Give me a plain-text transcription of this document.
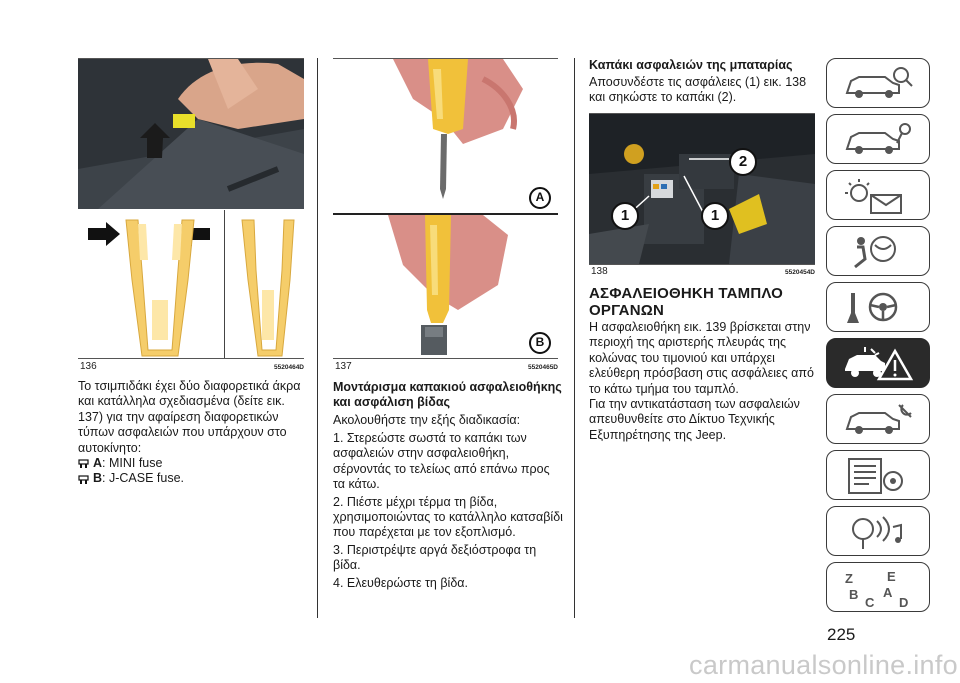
136	5520464D
Το τσιμπιδάκι έχει δύο διαφορετικά άκρα και κατάλληλα σχεδιασμένα (δείτε εικ. 137) για την αφαίρεση διαφορετικών τύπων ασφαλειών που υπάρχουν στο αυτοκίνητο:
A: MINI fuse
B: J-CASE fuse.
A
B
137	5520465D
Μοντάρισμα καπακιού ασφαλειοθήκης και ασφάλιση βίδας
Ακολουθήστε την εξής διαδικασία:
1. Στερεώστε σωστά το καπάκι των ασφαλειών στην ασφαλειοθήκη, σέρνοντάς το τελείως από επάνω προς τα κάτω.
2. Πιέστε μέχρι τέρμα τη βίδα, χρησιμοποιώντας το κατάλληλο κατσαβίδι που παρέχεται με τον εξοπλισμό.
3. Περιστρέψτε αργά δεξιόστροφα τη βίδα.
4. Ελευθερώστε τη βίδα.
Καπάκι ασφαλειών της μπαταρίας
Αποσυνδέστε τις ασφάλειες (1) εικ. 138 και σηκώστε το καπάκι (2).
1	1
2
138	5520454D
ΑΣΦΑΛΕΙΟΘΗΚΗ ΤΑΜΠΛΟ ΟΡΓΑΝΩΝ
Η ασφαλειοθήκη εικ. 139 βρίσκεται στην περιοχή της αριστερής πλευράς της κολώνας του τιμονιού και υπάρχει ελεύθερη πρόσβαση στις ασφάλειες από το κάτω τμήμα του ταμπλό.
Για την αντικατάσταση των ασφαλειών απευθυνθείτε στο Δίκτυο Τεχνικής Εξυπηρέτησης της Jeep.
Z	E
B A
C D
225
carmanualsonline.info
